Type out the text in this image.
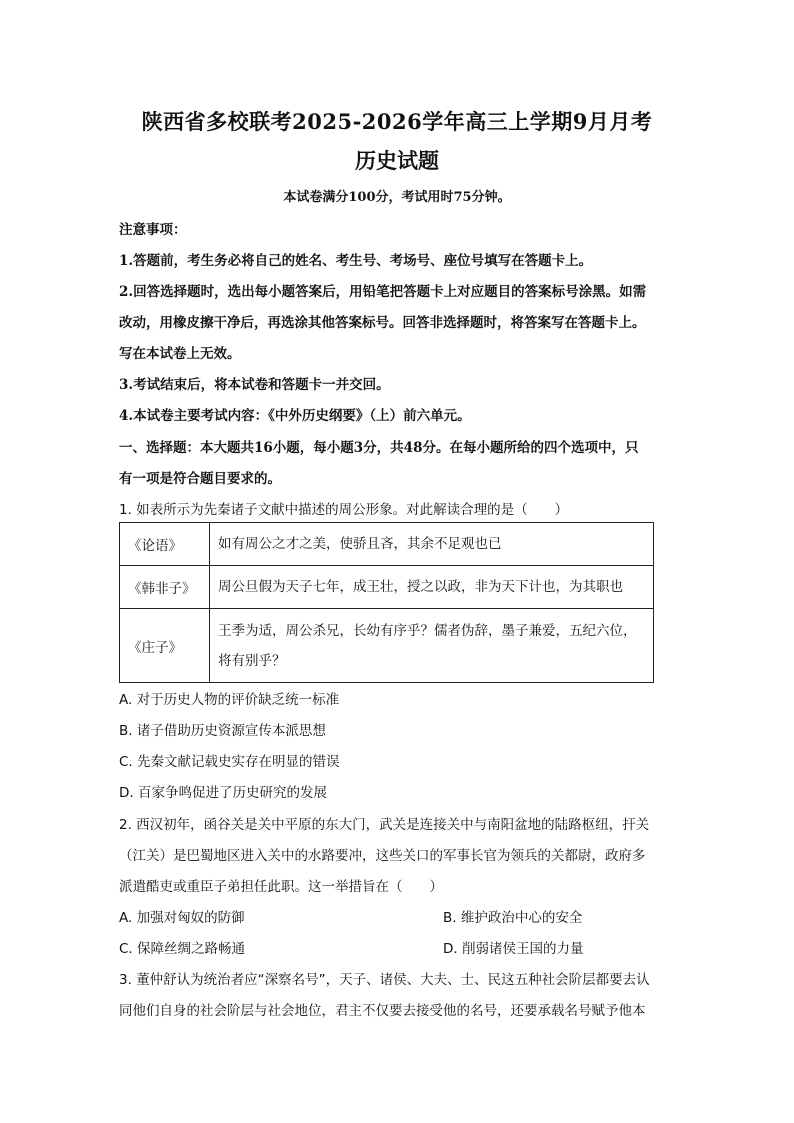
陕西省多校联考2025-2026学年高三上学期9月月考
历史试题
本试卷满分100分，考试用时75分钟。
注意事项：
1.答题前，考生务必将自己的姓名、考生号、考场号、座位号填写在答题卡上。
2.回答选择题时，选出每小题答案后，用铅笔把答题卡上对应题目的答案标号涂黑。如需
改动，用橡皮擦干净后，再选涂其他答案标号。回答非选择题时，将答案写在答题卡上。
写在本试卷上无效。
3.考试结束后，将本试卷和答题卡一并交回。
4.本试卷主要考试内容：《中外历史纲要》（上）前六单元。
一、选择题：本大题共16小题，每小题3分，共48分。在每小题所给的四个选项中，只
有一项是符合题目要求的。
1. 如表所示为先秦诸子文献中描述的周公形象。对此解读合理的是（　　）
《论语》	如有周公之才之美，使骄且吝，其余不足观也已
《韩非子》	周公旦假为天子七年，成王壮，授之以政，非为天下计也，为其职也
《庄子》	王季为适，周公杀兄，长幼有序乎？儒者伪辞，墨子兼爱，五纪六位，将有别乎？
A. 对于历史人物的评价缺乏统一标准
B. 诸子借助历史资源宣传本派思想
C. 先秦文献记载史实存在明显的错误
D. 百家争鸣促进了历史研究的发展
2. 西汉初年，函谷关是关中平原的东大门，武关是连接关中与南阳盆地的陆路枢纽，扞关
（江关）是巴蜀地区进入关中的水路要冲，这些关口的军事长官为领兵的关都尉，政府多
派遣酷吏或重臣子弟担任此职。这一举措旨在（　　）
A. 加强对匈奴的防御	B. 维护政治中心的安全
C. 保障丝绸之路畅通	D. 削弱诸侯王国的力量
3. 董仲舒认为统治者应“深察名号”，天子、诸侯、大夫、士、民这五种社会阶层都要去认
同他们自身的社会阶层与社会地位，君主不仅要去接受他的名号，还要承载名号赋予他本
